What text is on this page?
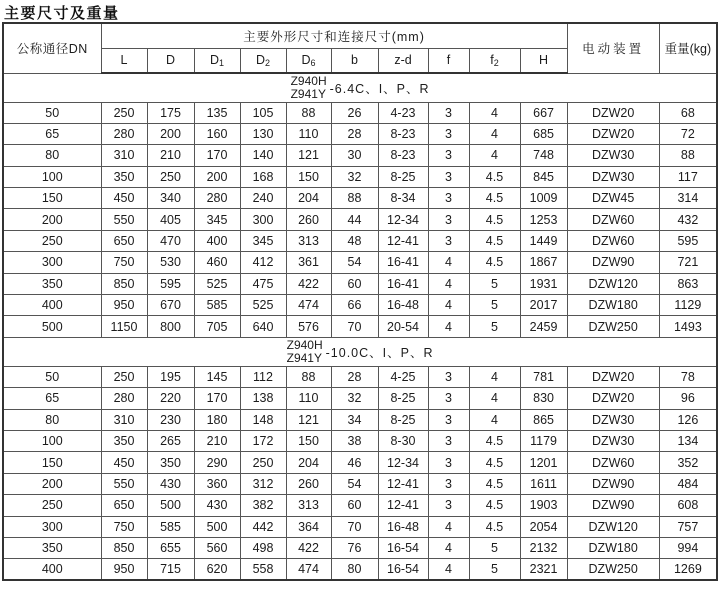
主要尺寸及重量
公称通径DN	主要外形尺寸和连接尺寸(mm)										电动装置	重量(kg)
	L	D	$D_1$	$D_2$	$D_6$	b	z-d	f	$f_2$	H		

Z940H
Z941Y -6.4C、I、P、R												

50	250	175	135	105	88	26	4-23	3	4	667	DZW20	68
65	280	200	160	130	110	28	8-23	3	4	685	DZW20	72
80	310	210	170	140	121	30	8-23	3	4	748	DZW30	88
100	350	250	200	168	150	32	8-25	3	4.5	845	DZW30	117
150	450	340	280	240	204	88	8-34	3	4.5	1009	DZW45	314
200	550	405	345	300	260	44	12-34	3	4.5	1253	DZW60	432
250	650	470	400	345	313	48	12-41	3	4.5	1449	DZW60	595
300	750	530	460	412	361	54	16-41	4	4.5	1867	DZW90	721
350	850	595	525	475	422	60	16-41	4	5	1931	DZW120	863
400	950	670	585	525	474	66	16-48	4	5	2017	DZW180	1129
500	1150	800	705	640	576	70	20-54	4	5	2459	DZW250	1493

Z940H
Z941Y -10.0C、I、P、R												

50	250	195	145	112	88	28	4-25	3	4	781	DZW20	78
65	280	220	170	138	110	32	8-25	3	4	830	DZW20	96
80	310	230	180	148	121	34	8-25	3	4	865	DZW30	126
100	350	265	210	172	150	38	8-30	3	4.5	1179	DZW30	134
150	450	350	290	250	204	46	12-34	3	4.5	1201	DZW60	352
200	550	430	360	312	260	54	12-41	3	4.5	1611	DZW90	484
250	650	500	430	382	313	60	12-41	3	4.5	1903	DZW90	608
300	750	585	500	442	364	70	16-48	4	4.5	2054	DZW120	757
350	850	655	560	498	422	76	16-54	4	5	2132	DZW180	994
400	950	715	620	558	474	80	16-54	4	5	2321	DZW250	1269
